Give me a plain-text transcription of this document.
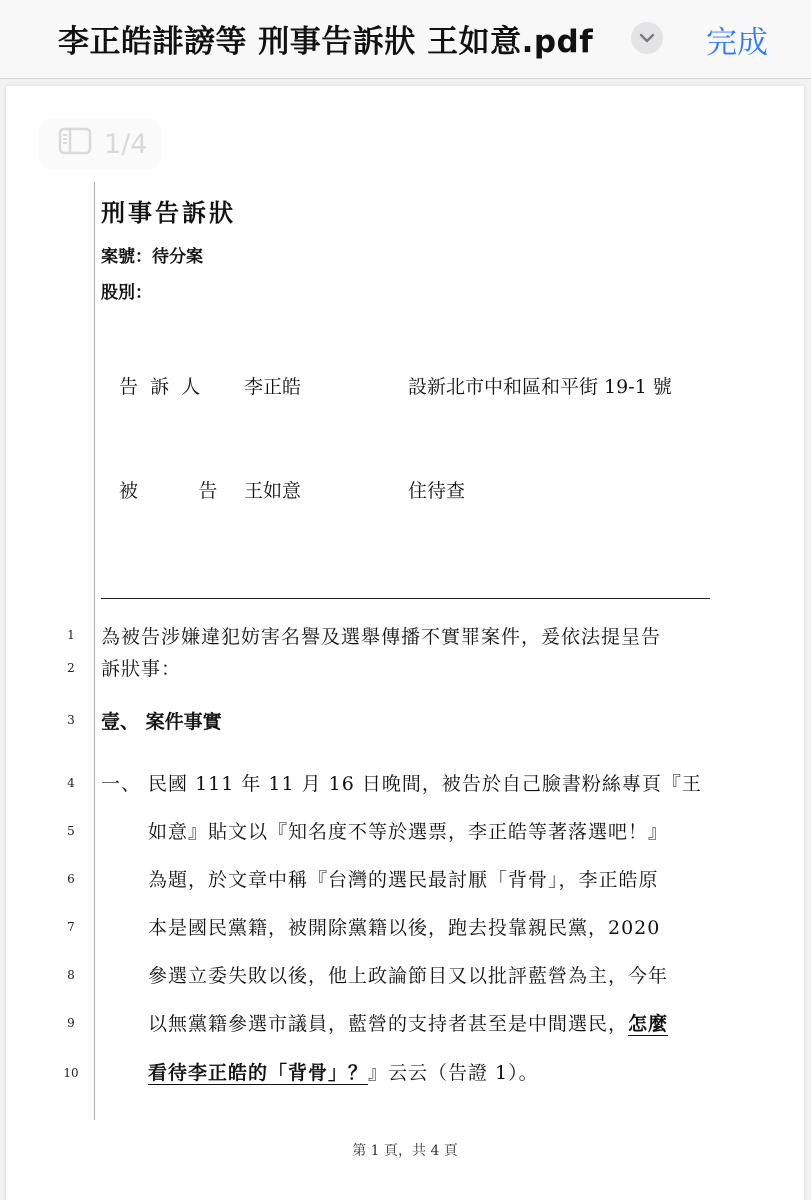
李正皓誹謗等 刑事告訴狀 王如意.pdf	完成
1/4
刑事告訴狀
案號：待分案
股別：
告  訴  人 李正皓	設新北市中和區和平街 19-1 號
被          告 王如意	住待查
1
2
3
4
5
6
7
8
9
10
為被告涉嫌違犯妨害名譽及選舉傳播不實罪案件，爰依法提呈告
訴狀事：
壹、 案件事實
一、 民國 111 年 11 月 16 日晚間，被告於自己臉書粉絲專頁『王
如意』貼文以『知名度不等於選票，李正皓等著落選吧！』
為題，於文章中稱『台灣的選民最討厭「背骨」，李正皓原
本是國民黨籍，被開除黨籍以後，跑去投靠親民黨，2020
參選立委失敗以後，他上政論節目又以批評藍營為主，今年
以無黨籍參選市議員，藍營的支持者甚至是中間選民，怎麼
看待李正皓的「背骨」？』云云（告證 1）。
第 1 頁，共 4 頁
